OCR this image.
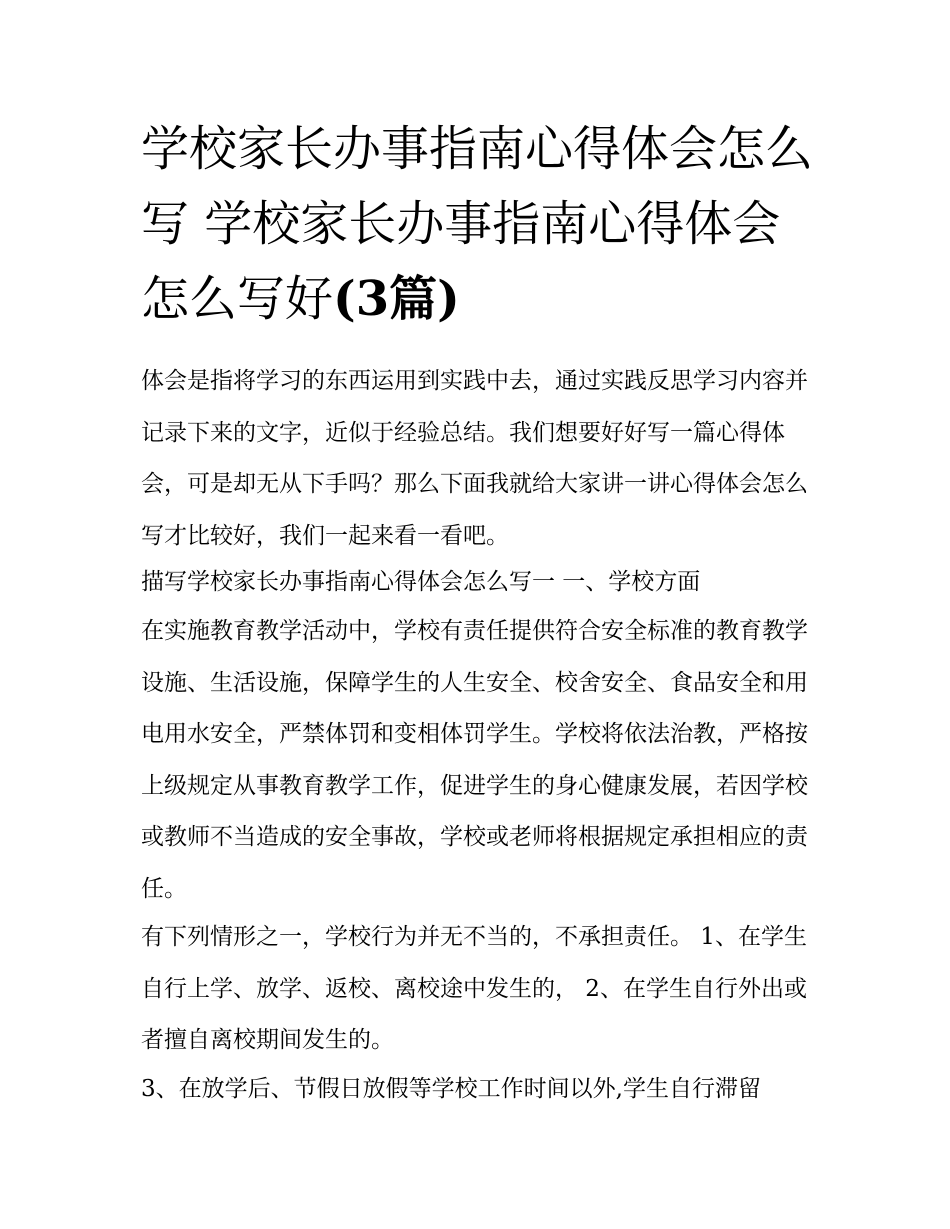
学校家长办事指南心得体会怎么写 学校家长办事指南心得体会怎么写好(3篇)

体会是指将学习的东西运用到实践中去，通过实践反思学习内容并记录下来的文字，近似于经验总结。我们想要好好写一篇心得体会，可是却无从下手吗？那么下面我就给大家讲一讲心得体会怎么写才比较好，我们一起来看一看吧。

描写学校家长办事指南心得体会怎么写一 一、学校方面

在实施教育教学活动中，学校有责任提供符合安全标准的教育教学设施、生活设施，保障学生的人生安全、校舍安全、食品安全和用电用水安全，严禁体罚和变相体罚学生。学校将依法治教，严格按上级规定从事教育教学工作，促进学生的身心健康发展，若因学校或教师不当造成的安全事故，学校或老师将根据规定承担相应的责任。

有下列情形之一，学校行为并无不当的，不承担责任。 1、在学生自行上学、放学、返校、离校途中发生的， 2、在学生自行外出或者擅自离校期间发生的。

3、在放学后、节假日放假等学校工作时间以外,学生自行滞留
